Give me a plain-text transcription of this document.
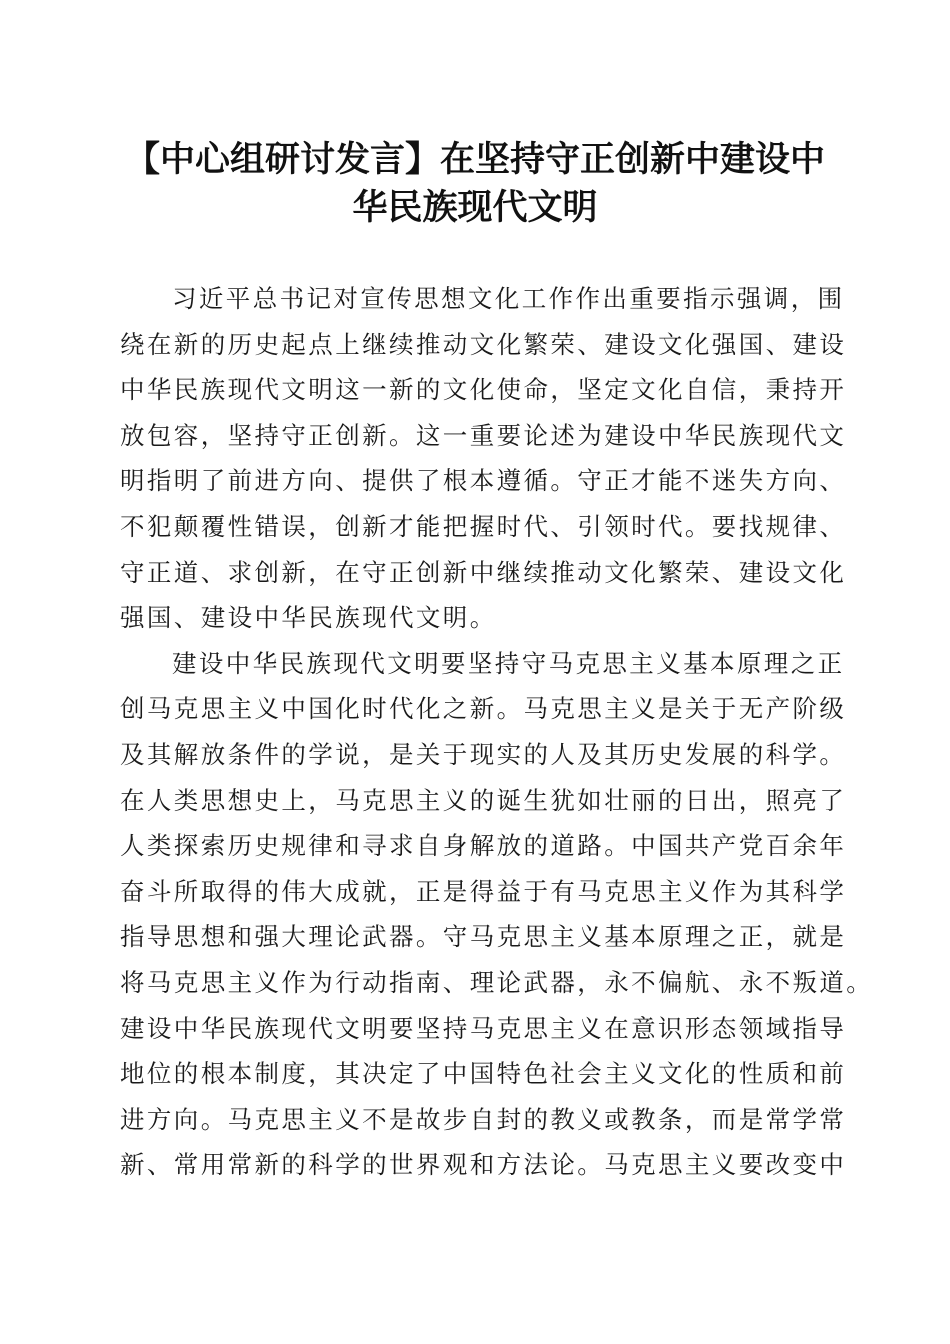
【中心组研讨发言】在坚持守正创新中建设中
华民族现代文明
习近平总书记对宣传思想文化工作作出重要指示强调，围
绕在新的历史起点上继续推动文化繁荣、建设文化强国、建设
中华民族现代文明这一新的文化使命，坚定文化自信，秉持开
放包容，坚持守正创新。这一重要论述为建设中华民族现代文
明指明了前进方向、提供了根本遵循。守正才能不迷失方向、
不犯颠覆性错误，创新才能把握时代、引领时代。要找规律、
守正道、求创新，在守正创新中继续推动文化繁荣、建设文化
强国、建设中华民族现代文明。
建设中华民族现代文明要坚持守马克思主义基本原理之正
创马克思主义中国化时代化之新。马克思主义是关于无产阶级
及其解放条件的学说，是关于现实的人及其历史发展的科学。
在人类思想史上，马克思主义的诞生犹如壮丽的日出，照亮了
人类探索历史规律和寻求自身解放的道路。中国共产党百余年
奋斗所取得的伟大成就，正是得益于有马克思主义作为其科学
指导思想和强大理论武器。守马克思主义基本原理之正，就是
将马克思主义作为行动指南、理论武器，永不偏航、永不叛道。
建设中华民族现代文明要坚持马克思主义在意识形态领域指导
地位的根本制度，其决定了中国特色社会主义文化的性质和前
进方向。马克思主义不是故步自封的教义或教条，而是常学常
新、常用常新的科学的世界观和方法论。马克思主义要改变中
